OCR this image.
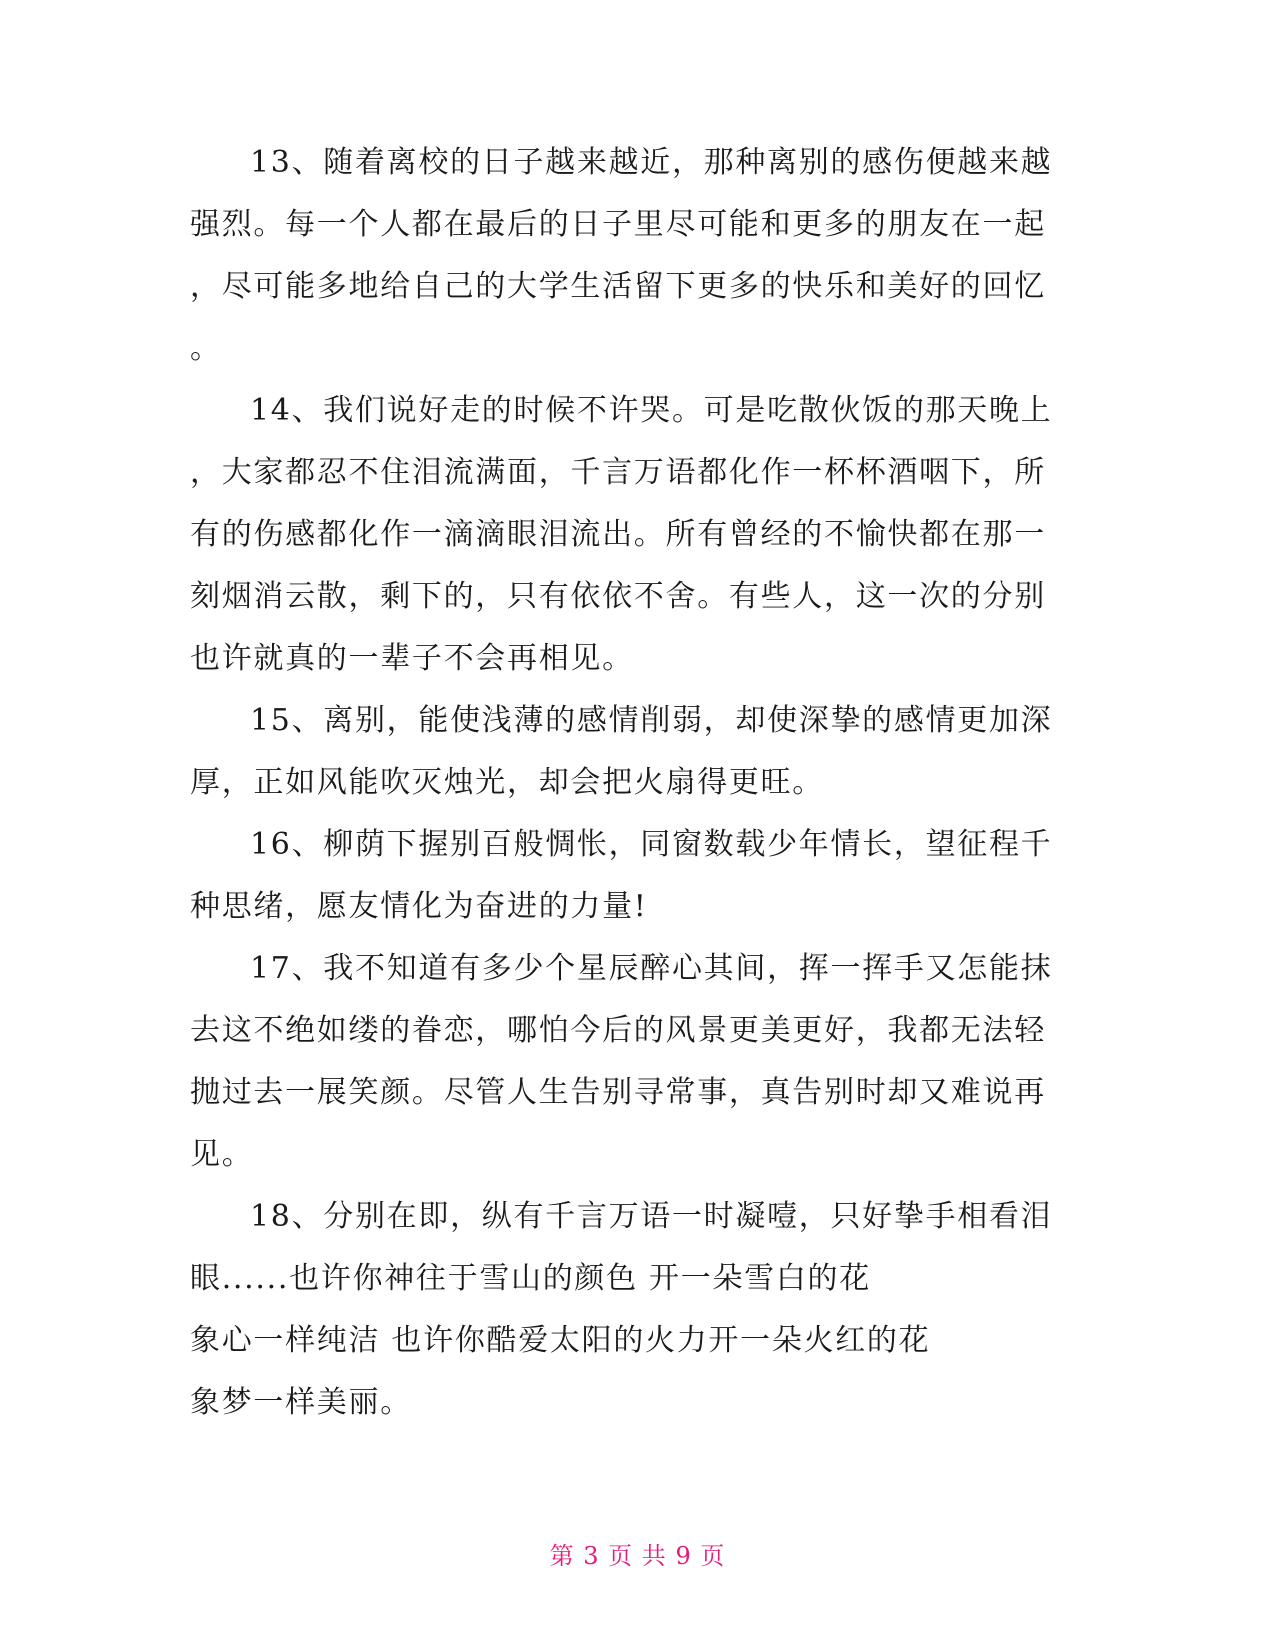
13、随着离校的日子越来越近，那种离别的感伤便越来越

强烈。每一个人都在最后的日子里尽可能和更多的朋友在一起

，尽可能多地给自己的大学生活留下更多的快乐和美好的回忆

。

14、我们说好走的时候不许哭。可是吃散伙饭的那天晚上

，大家都忍不住泪流满面，千言万语都化作一杯杯酒咽下，所

有的伤感都化作一滴滴眼泪流出。所有曾经的不愉快都在那一

刻烟消云散，剩下的，只有依依不舍。有些人，这一次的分别

也许就真的一辈子不会再相见。

15、离别，能使浅薄的感情削弱，却使深挚的感情更加深

厚，正如风能吹灭烛光，却会把火扇得更旺。

16、柳荫下握别百般惆怅，同窗数载少年情长，望征程千

种思绪，愿友情化为奋进的力量!

17、我不知道有多少个星辰醉心其间，挥一挥手又怎能抹

去这不绝如缕的眷恋，哪怕今后的风景更美更好，我都无法轻

抛过去一展笑颜。尽管人生告别寻常事，真告别时却又难说再

见。

18、分别在即，纵有千言万语一时凝噎，只好挚手相看泪

眼......也许你神往于雪山的颜色 开一朵雪白的花

象心一样纯洁 也许你酷爱太阳的火力开一朵火红的花

象梦一样美丽。

第 3 页 共 9 页
